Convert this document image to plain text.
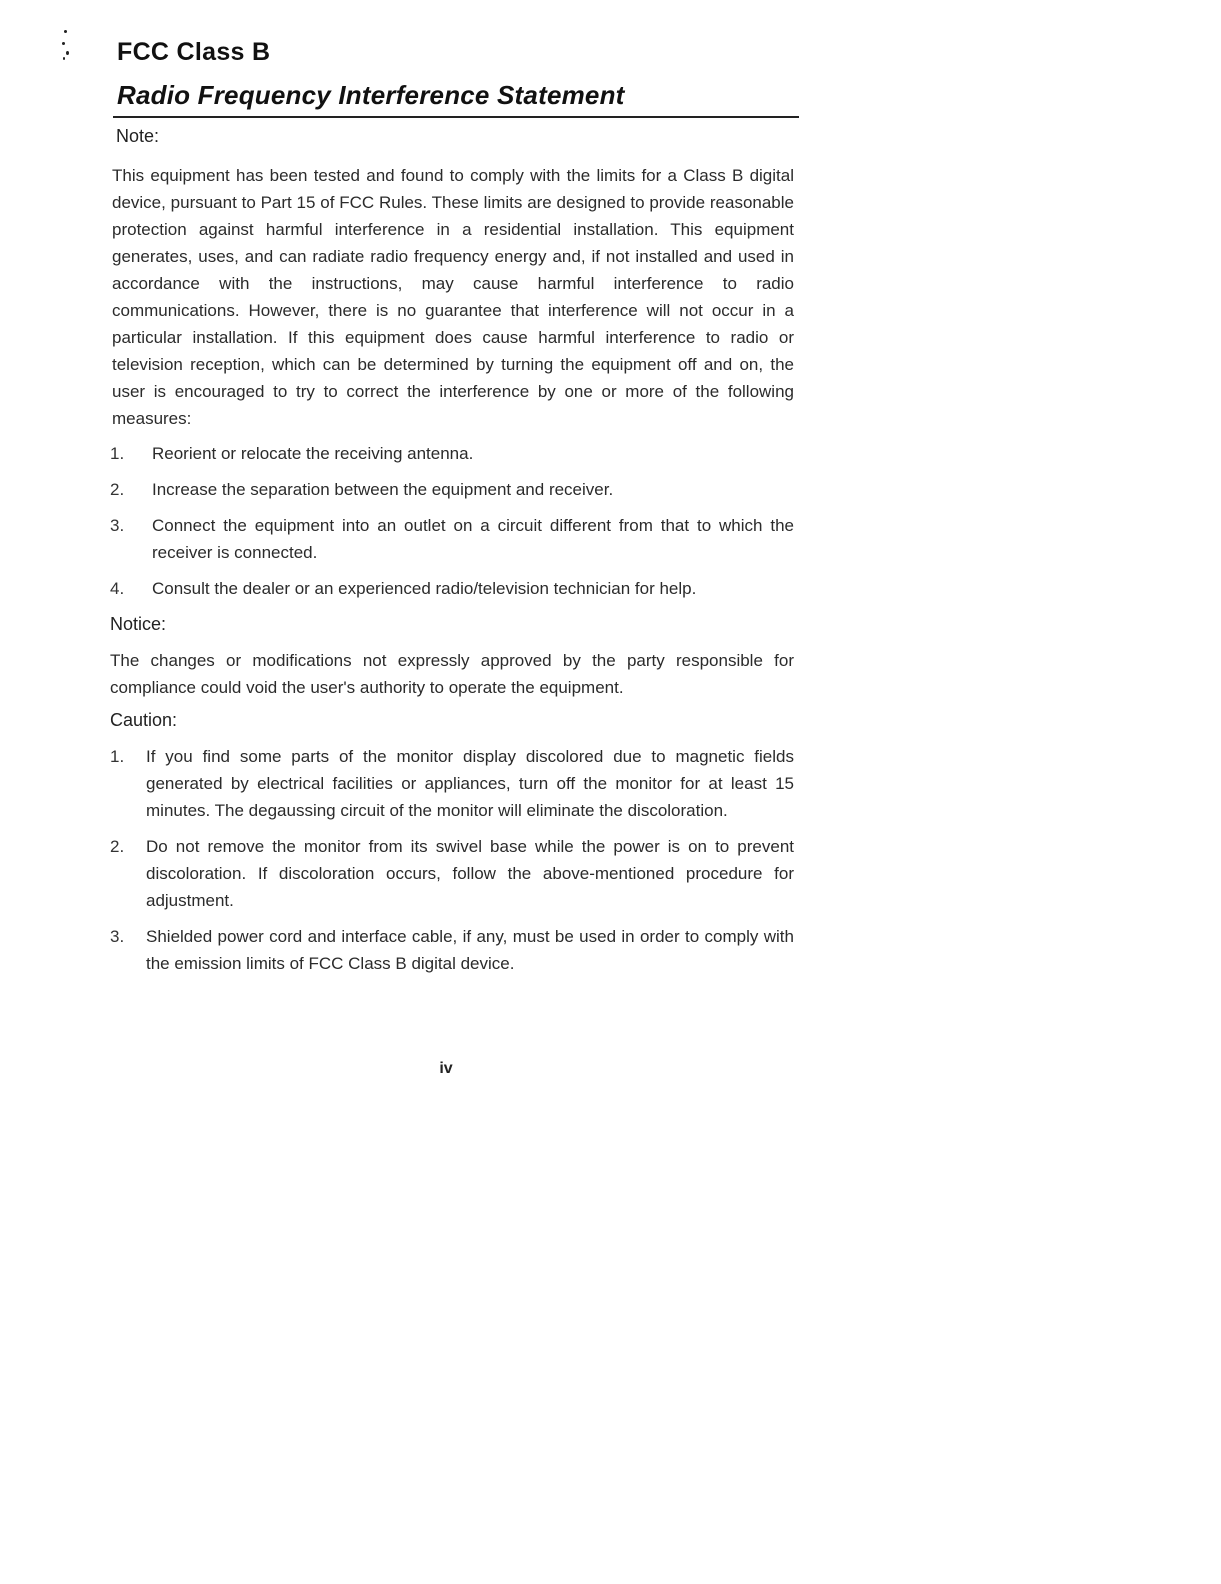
FCC Class B
Radio Frequency Interference Statement

Note:

This equipment has been tested and found to comply with the limits for a Class B digital device, pursuant to Part 15 of FCC Rules. These limits are designed to provide reasonable protection against harmful interference in a residential installation. This equipment generates, uses, and can radiate radio frequency energy and, if not installed and used in accordance with the instructions, may cause harmful interference to radio communications. However, there is no guarantee that interference will not occur in a particular installation. If this equipment does cause harmful interference to radio or television reception, which can be determined by turning the equipment off and on, the user is encouraged to try to correct the interference by one or more of the following measures:

1.	Reorient or relocate the receiving antenna.
2.	Increase the separation between the equipment and receiver.
3.	Connect the equipment into an outlet on a circuit different from that to which the receiver is connected.
4.	Consult the dealer or an experienced radio/television technician for help.

Notice:

The changes or modifications not expressly approved by the party responsible for compliance could void the user's authority to operate the equipment.

Caution:

1.	If you find some parts of the monitor display discolored due to magnetic fields generated by electrical facilities or appliances, turn off the monitor for at least 15 minutes. The degaussing circuit of the monitor will eliminate the discoloration.
2.	Do not remove the monitor from its swivel base while the power is on to prevent discoloration. If discoloration occurs, follow the above-mentioned procedure for adjustment.
3.	Shielded power cord and interface cable, if any, must be used in order to comply with the emission limits of FCC Class B digital device.

iv
